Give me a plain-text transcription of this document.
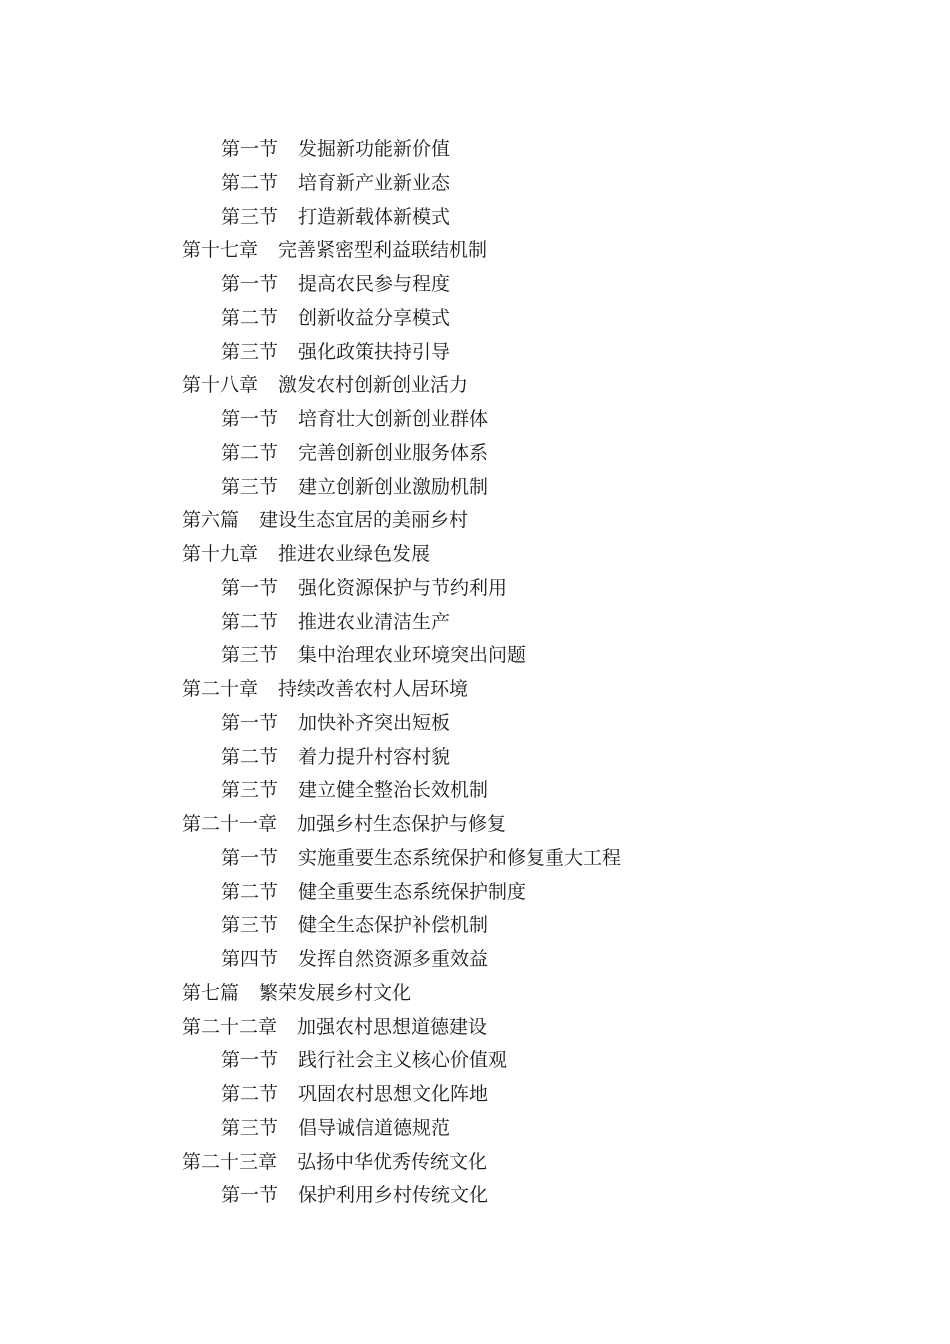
第一节 发掘新功能新价值
第二节 培育新产业新业态
第三节 打造新载体新模式
第十七章 完善紧密型利益联结机制
第一节 提高农民参与程度
第二节 创新收益分享模式
第三节 强化政策扶持引导
第十八章 激发农村创新创业活力
第一节 培育壮大创新创业群体
第二节 完善创新创业服务体系
第三节 建立创新创业激励机制
第六篇 建设生态宜居的美丽乡村
第十九章 推进农业绿色发展
第一节 强化资源保护与节约利用
第二节 推进农业清洁生产
第三节 集中治理农业环境突出问题
第二十章 持续改善农村人居环境
第一节 加快补齐突出短板
第二节 着力提升村容村貌
第三节 建立健全整治长效机制
第二十一章 加强乡村生态保护与修复
第一节 实施重要生态系统保护和修复重大工程
第二节 健全重要生态系统保护制度
第三节 健全生态保护补偿机制
第四节 发挥自然资源多重效益
第七篇 繁荣发展乡村文化
第二十二章 加强农村思想道德建设
第一节 践行社会主义核心价值观
第二节 巩固农村思想文化阵地
第三节 倡导诚信道德规范
第二十三章 弘扬中华优秀传统文化
第一节 保护利用乡村传统文化
